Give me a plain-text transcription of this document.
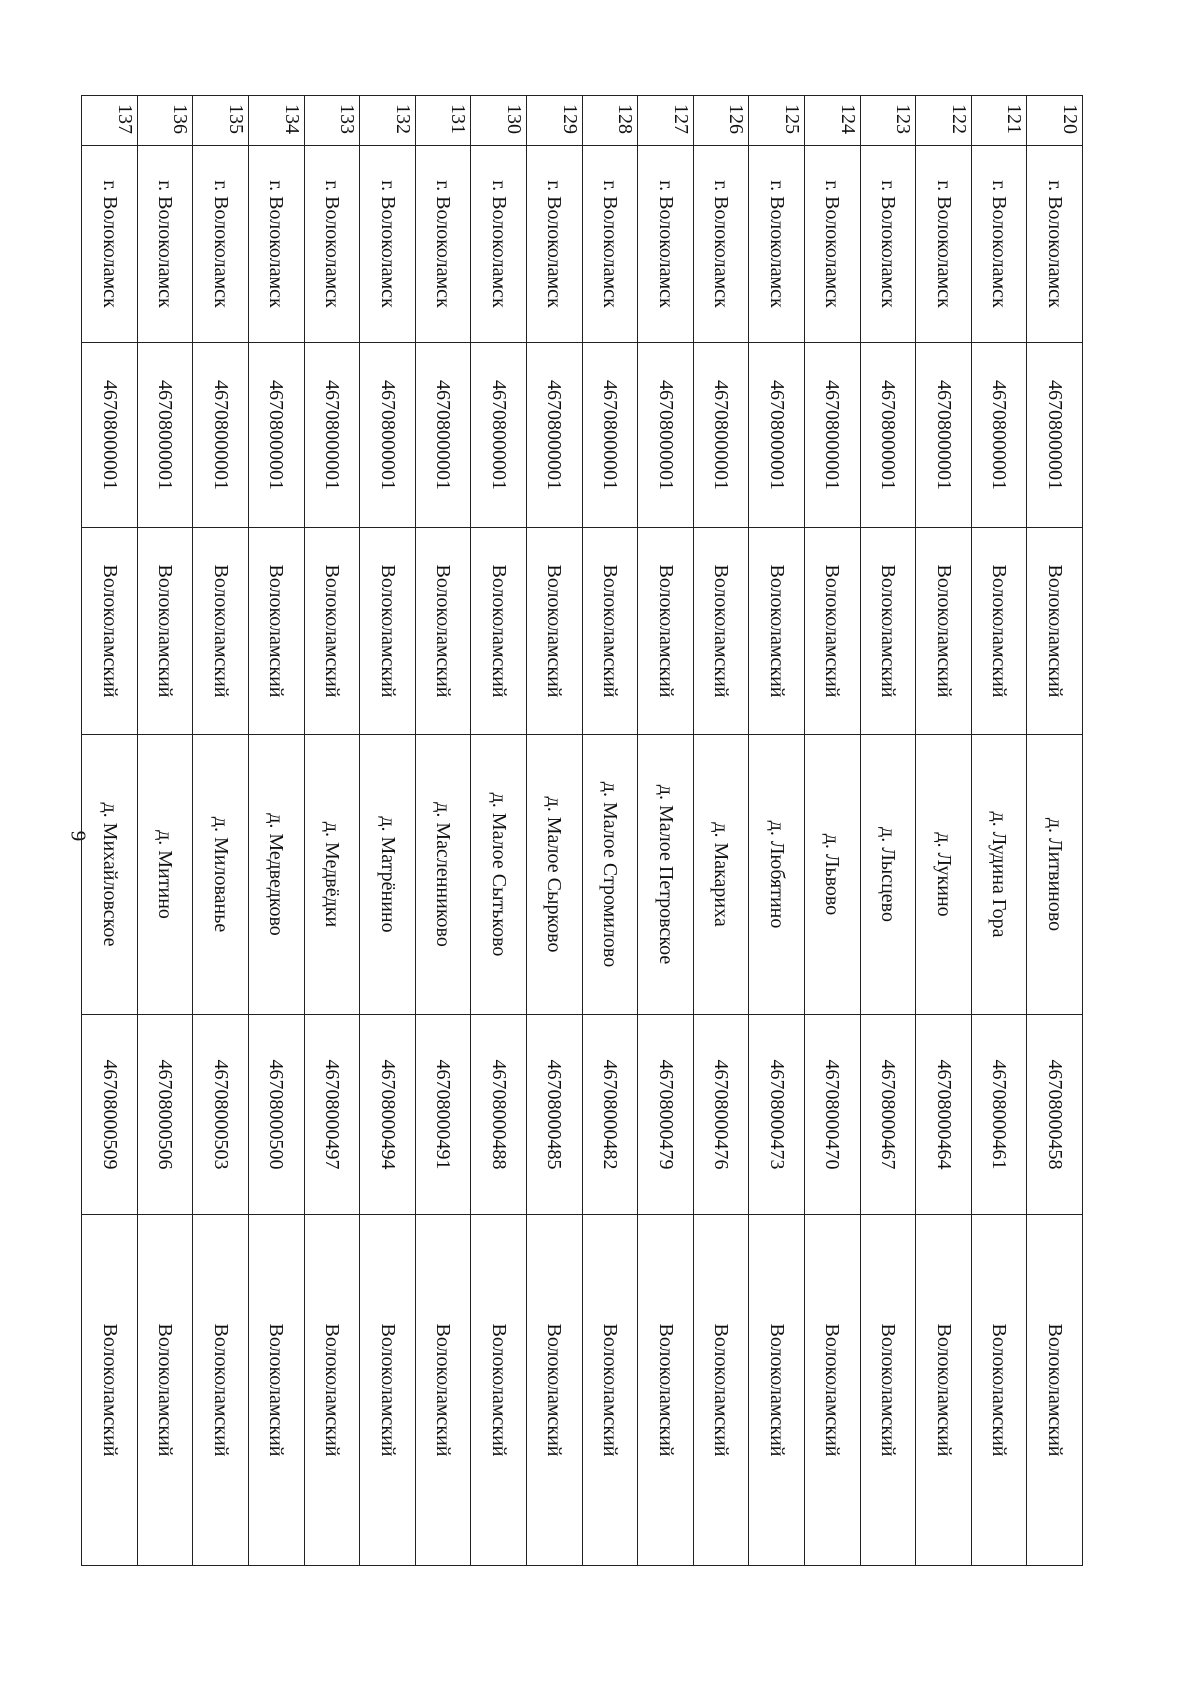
9
120	г. Волоколамск	46708000001	Волоколамский	д. Литвиново	46708000458	Волоколамский
121	г. Волоколамск	46708000001	Волоколамский	д. Лудина Гора	46708000461	Волоколамский
122	г. Волоколамск	46708000001	Волоколамский	д. Лукино	46708000464	Волоколамский
123	г. Волоколамск	46708000001	Волоколамский	д. Лысцево	46708000467	Волоколамский
124	г. Волоколамск	46708000001	Волоколамский	д. Львово	46708000470	Волоколамский
125	г. Волоколамск	46708000001	Волоколамский	д. Любятино	46708000473	Волоколамский
126	г. Волоколамск	46708000001	Волоколамский	д. Макариха	46708000476	Волоколамский
127	г. Волоколамск	46708000001	Волоколамский	д. Малое Петровское	46708000479	Волоколамский
128	г. Волоколамск	46708000001	Волоколамский	д. Малое Стромилово	46708000482	Волоколамский
129	г. Волоколамск	46708000001	Волоколамский	д. Малое Сырково	46708000485	Волоколамский
130	г. Волоколамск	46708000001	Волоколамский	д. Малое Сытьково	46708000488	Волоколамский
131	г. Волоколамск	46708000001	Волоколамский	д. Масленниково	46708000491	Волоколамский
132	г. Волоколамск	46708000001	Волоколамский	д. Матрёнино	46708000494	Волоколамский
133	г. Волоколамск	46708000001	Волоколамский	д. Медвёдки	46708000497	Волоколамский
134	г. Волоколамск	46708000001	Волоколамский	д. Медведково	46708000500	Волоколамский
135	г. Волоколамск	46708000001	Волоколамский	д. Милованье	46708000503	Волоколамский
136	г. Волоколамск	46708000001	Волоколамский	д. Митино	46708000506	Волоколамский
137	г. Волоколамск	46708000001	Волоколамский	д. Михайловское	46708000509	Волоколамский
